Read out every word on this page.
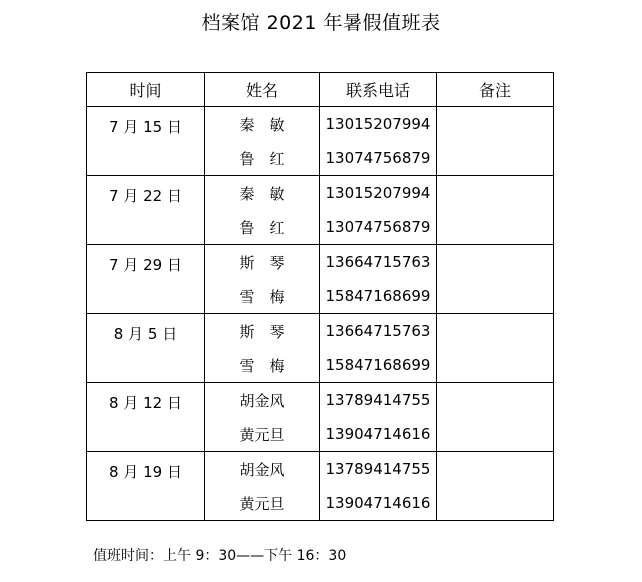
档案馆 2021 年暑假值班表
时间	姓名	联系电话	备注
7 月 15 日	秦　敏	13015207994	
	鲁　红	13074756879	
7 月 22 日	秦　敏	13015207994	
	鲁　红	13074756879	
7 月 29 日	斯　琴	13664715763	
	雪　梅	15847168699	
8 月 5 日	斯　琴	13664715763	
	雪　梅	15847168699	
8 月 12 日	胡金风	13789414755	
	黄元旦	13904714616	
8 月 19 日	胡金风	13789414755	
	黄元旦	13904714616	
值班时间：上午 9：30——下午 16：30
